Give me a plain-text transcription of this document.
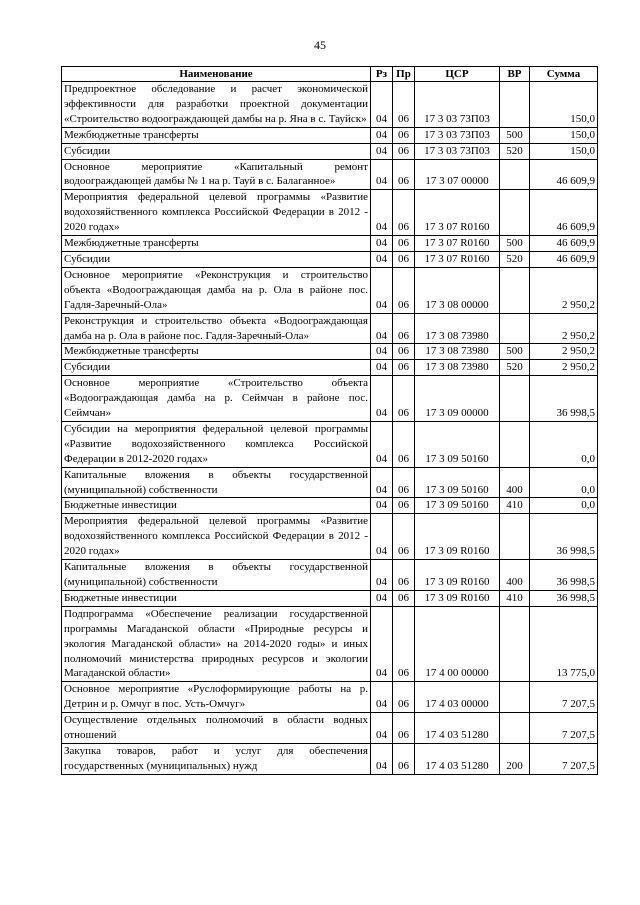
45
Наименование	Рз	Пр	ЦСР	ВР	Сумма
Предпроектное обследование и расчет экономической эффективности для разработки проектной документации «Строительство водоограждающей дамбы на р. Яна в с. Тауйск»	04	06	17 3 03 73П03		150,0
Межбюджетные трансферты	04	06	17 3 03 73П03	500	150,0
Субсидии	04	06	17 3 03 73П03	520	150,0
Основное мероприятие «Капитальный ремонт водоограждающей дамбы № 1 на р. Тауй в с. Балаганное»	04	06	17 3 07 00000		46 609,9
Мероприятия федеральной целевой программы «Развитие водохозяйственного комплекса Российской Федерации в 2012 - 2020 годах»	04	06	17 3 07 R0160		46 609,9
Межбюджетные трансферты	04	06	17 3 07 R0160	500	46 609,9
Субсидии	04	06	17 3 07 R0160	520	46 609,9
Основное мероприятие «Реконструкция и строительство объекта «Водоограждающая дамба на р. Ола в районе пос. Гадля-Заречный-Ола»	04	06	17 3 08 00000		2 950,2
Реконструкция и строительство объекта «Водоограждающая дамба на р. Ола в районе пос. Гадля-Заречный-Ола»	04	06	17 3 08 73980		2 950,2
Межбюджетные трансферты	04	06	17 3 08 73980	500	2 950,2
Субсидии	04	06	17 3 08 73980	520	2 950,2
Основное мероприятие «Строительство объекта «Водоограждающая дамба на р. Сеймчан в районе пос. Сеймчан»	04	06	17 3 09 00000		36 998,5
Субсидии на мероприятия федеральной целевой программы «Развитие водохозяйственного комплекса Российской Федерации в 2012-2020 годах»	04	06	17 3 09 50160		0,0
Капитальные вложения в объекты государственной (муниципальной) собственности	04	06	17 3 09 50160	400	0,0
Бюджетные инвестиции	04	06	17 3 09 50160	410	0,0
Мероприятия федеральной целевой программы «Развитие водохозяйственного комплекса Российской Федерации в 2012 - 2020 годах»	04	06	17 3 09 R0160		36 998,5
Капитальные вложения в объекты государственной (муниципальной) собственности	04	06	17 3 09 R0160	400	36 998,5
Бюджетные инвестиции	04	06	17 3 09 R0160	410	36 998,5
Подпрограмма «Обеспечение реализации государственной программы Магаданской области «Природные ресурсы и экология Магаданской области» на 2014-2020 годы» и иных полномочий министерства природных ресурсов и экологии Магаданской области»	04	06	17 4 00 00000		13 775,0
Основное мероприятие «Руслоформирующие работы на р. Детрин и р. Омчуг в пос. Усть-Омчуг»	04	06	17 4 03 00000		7 207,5
Осуществление отдельных полномочий в области водных отношений	04	06	17 4 03 51280		7 207,5
Закупка товаров, работ и услуг для обеспечения государственных (муниципальных) нужд	04	06	17 4 03 51280	200	7 207,5
